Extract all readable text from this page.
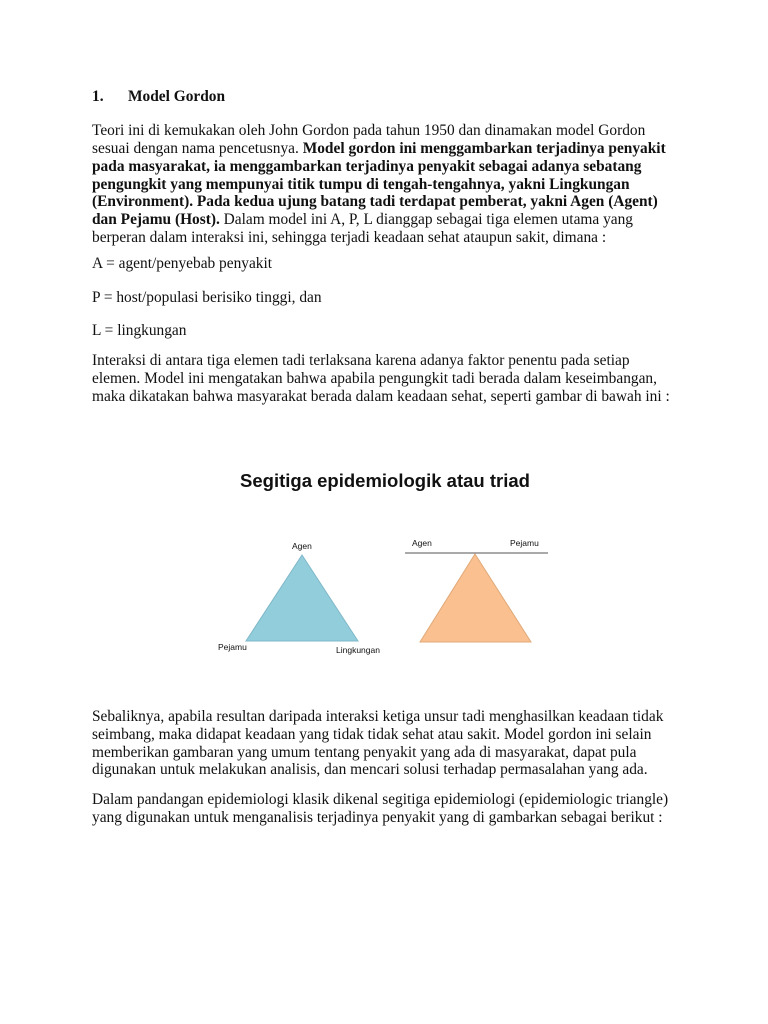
1. Model Gordon
Teori ini di kemukakan oleh John Gordon pada tahun 1950 dan dinamakan model Gordon
sesuai dengan nama pencetusnya. Model gordon ini menggambarkan terjadinya penyakit
pada masyarakat, ia menggambarkan terjadinya penyakit sebagai adanya sebatang
pengungkit yang mempunyai titik tumpu di tengah-tengahnya, yakni Lingkungan
(Environment). Pada kedua ujung batang tadi terdapat pemberat, yakni Agen (Agent)
dan Pejamu (Host). Dalam model ini A, P, L dianggap sebagai tiga elemen utama yang
berperan dalam interaksi ini, sehingga terjadi keadaan sehat ataupun sakit, dimana :
A = agent/penyebab penyakit
P = host/populasi berisiko tinggi, dan
L = lingkungan
Interaksi di antara tiga elemen tadi terlaksana karena adanya faktor penentu pada setiap
elemen. Model ini mengatakan bahwa apabila pengungkit tadi berada dalam keseimbangan,
maka dikatakan bahwa masyarakat berada dalam keadaan sehat, seperti gambar di bawah ini :
Segitiga epidemiologik atau triad
Agen
Pejamu	Lingkungan
Agen	Pejamu
Sebaliknya, apabila resultan daripada interaksi ketiga unsur tadi menghasilkan keadaan tidak
seimbang, maka didapat keadaan yang tidak tidak sehat atau sakit. Model gordon ini selain
memberikan gambaran yang umum tentang penyakit yang ada di masyarakat, dapat pula
digunakan untuk melakukan analisis, dan mencari solusi terhadap permasalahan yang ada.
Dalam pandangan epidemiologi klasik dikenal segitiga epidemiologi (epidemiologic triangle)
yang digunakan untuk menganalisis terjadinya penyakit yang di gambarkan sebagai berikut :
